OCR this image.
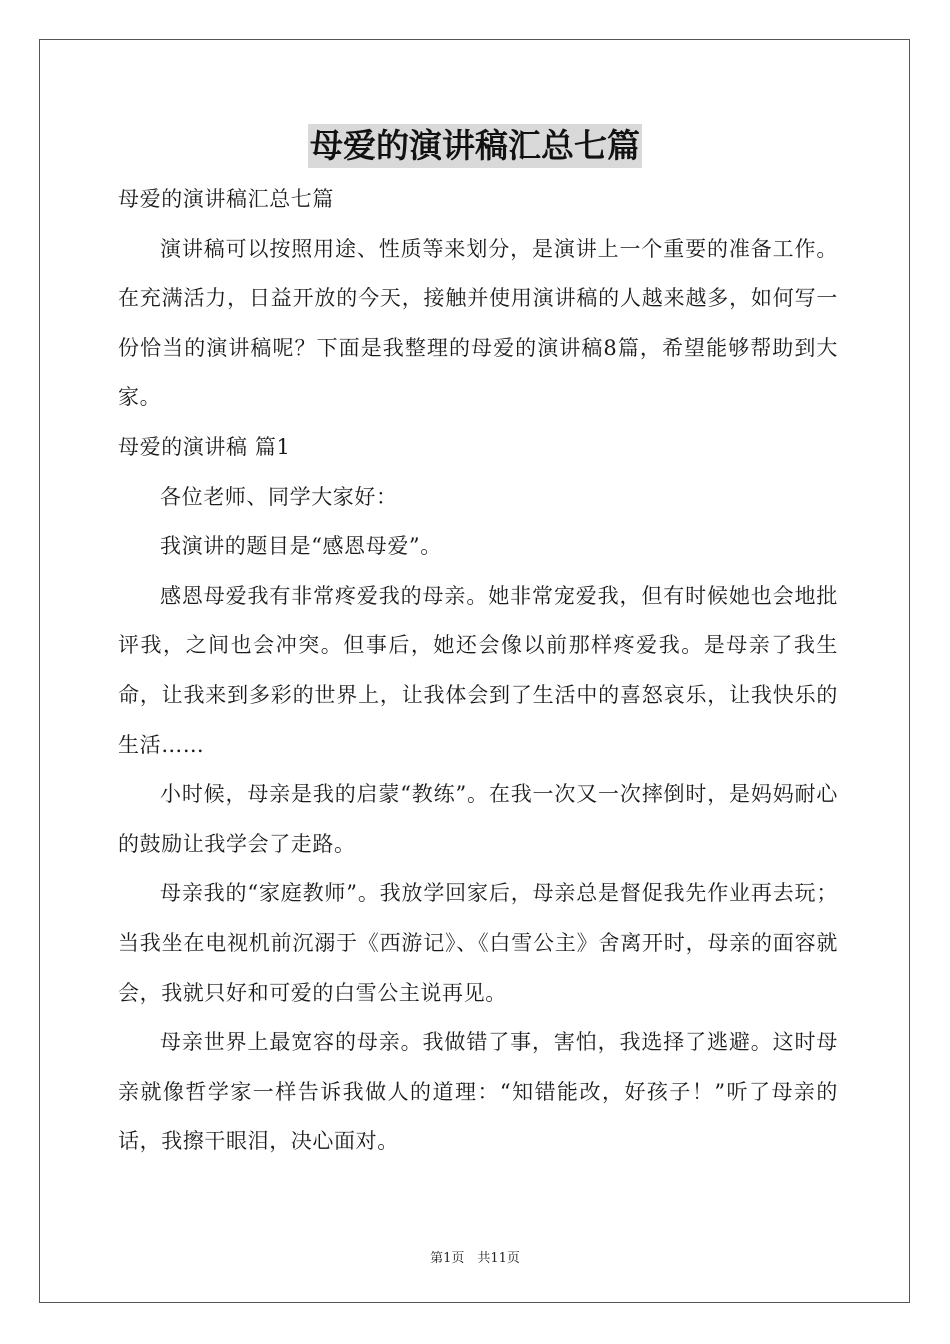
母爱的演讲稿汇总七篇

母爱的演讲稿汇总七篇

演讲稿可以按照用途、性质等来划分，是演讲上一个重要的准备工作。在充满活力，日益开放的今天，接触并使用演讲稿的人越来越多，如何写一份恰当的演讲稿呢？下面是我整理的母爱的演讲稿8篇，希望能够帮助到大家。

母爱的演讲稿 篇1

各位老师、同学大家好：

我演讲的题目是“感恩母爱”。

感恩母爱我有非常疼爱我的母亲。她非常宠爱我，但有时候她也会地批评我，之间也会冲突。但事后，她还会像以前那样疼爱我。是母亲了我生命，让我来到多彩的世界上，让我体会到了生活中的喜怒哀乐，让我快乐的生活……

小时候，母亲是我的启蒙“教练”。在我一次又一次摔倒时，是妈妈耐心的鼓励让我学会了走路。

母亲我的“家庭教师”。我放学回家后，母亲总是督促我先作业再去玩；当我坐在电视机前沉溺于《西游记》、《白雪公主》舍离开时，母亲的面容就会，我就只好和可爱的白雪公主说再见。

母亲世界上最宽容的母亲。我做错了事，害怕，我选择了逃避。这时母亲就像哲学家一样告诉我做人的道理：“知错能改，好孩子！”听了母亲的话，我擦干眼泪，决心面对。

第1页　共11页
